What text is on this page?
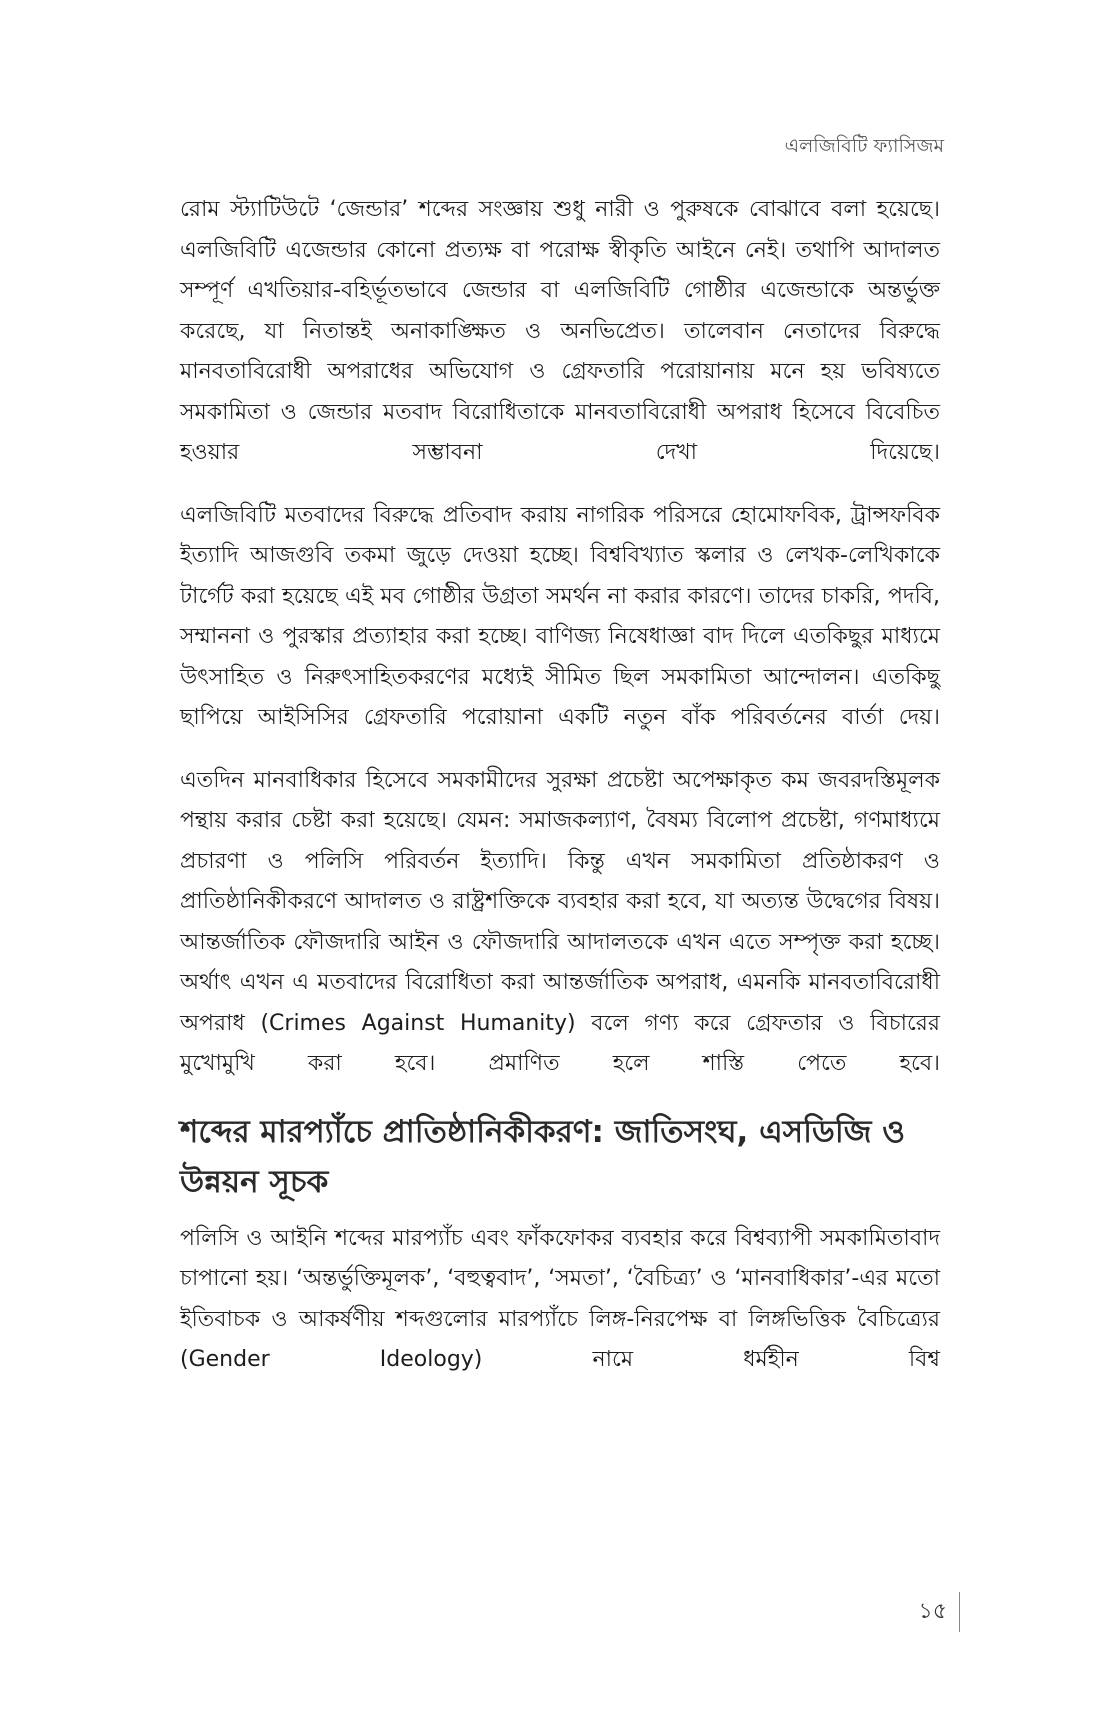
এলজিবিটি ফ্যাসিজম

রোম স্ট্যাটিউটে ‘জেন্ডার’ শব্দের সংজ্ঞায় শুধু নারী ও পুরুষকে বোঝাবে বলা হয়েছে। এলজিবিটি এজেন্ডার কোনো প্রত্যক্ষ বা পরোক্ষ স্বীকৃতি আইনে নেই। তথাপি আদালত সম্পূর্ণ এখতিয়ার-বহির্ভূতভাবে জেন্ডার বা এলজিবিটি গোষ্ঠীর এজেন্ডাকে অন্তর্ভুক্ত করেছে, যা নিতান্তই অনাকাঙ্ক্ষিত ও অনভিপ্রেত। তালেবান নেতাদের বিরুদ্ধে মানবতাবিরোধী অপরাধের অভিযোগ ও গ্রেফতারি পরোয়ানায় মনে হয় ভবিষ্যতে সমকামিতা ও জেন্ডার মতবাদ বিরোধিতাকে মানবতাবিরোধী অপরাধ হিসেবে বিবেচিত হওয়ার সম্ভাবনা দেখা দিয়েছে।

এলজিবিটি মতবাদের বিরুদ্ধে প্রতিবাদ করায় নাগরিক পরিসরে হোমোফবিক, ট্রান্সফবিক ইত্যাদি আজগুবি তকমা জুড়ে দেওয়া হচ্ছে। বিশ্ববিখ্যাত স্কলার ও লেখক-লেখিকাকে টার্গেট করা হয়েছে এই মব গোষ্ঠীর উগ্রতা সমর্থন না করার কারণে। তাদের চাকরি, পদবি, সম্মাননা ও পুরস্কার প্রত্যাহার করা হচ্ছে। বাণিজ্য নিষেধাজ্ঞা বাদ দিলে এতকিছুর মাধ্যমে উৎসাহিত ও নিরুৎসাহিতকরণের মধ্যেই সীমিত ছিল সমকামিতা আন্দোলন। এতকিছু ছাপিয়ে আইসিসির গ্রেফতারি পরোয়ানা একটি নতুন বাঁক পরিবর্তনের বার্তা দেয়।

এতদিন মানবাধিকার হিসেবে সমকামীদের সুরক্ষা প্রচেষ্টা অপেক্ষাকৃত কম জবরদস্তিমূলক পন্থায় করার চেষ্টা করা হয়েছে। যেমন: সমাজকল্যাণ, বৈষম্য বিলোপ প্রচেষ্টা, গণমাধ্যমে প্রচারণা ও পলিসি পরিবর্তন ইত্যাদি। কিন্তু এখন সমকামিতা প্রতিষ্ঠাকরণ ও প্রাতিষ্ঠানিকীকরণে আদালত ও রাষ্ট্রশক্তিকে ব্যবহার করা হবে, যা অত্যন্ত উদ্বেগের বিষয়। আন্তর্জাতিক ফৌজদারি আইন ও ফৌজদারি আদালতকে এখন এতে সম্পৃক্ত করা হচ্ছে। অর্থাৎ এখন এ মতবাদের বিরোধিতা করা আন্তর্জাতিক অপরাধ, এমনকি মানবতাবিরোধী অপরাধ (Crimes Against Humanity) বলে গণ্য করে গ্রেফতার ও বিচারের মুখোমুখি করা হবে। প্রমাণিত হলে শাস্তি পেতে হবে।

শব্দের মারপ্যাঁচে প্রাতিষ্ঠানিকীকরণ: জাতিসংঘ, এসডিজি ও উন্নয়ন সূচক

পলিসি ও আইনি শব্দের মারপ্যাঁচ এবং ফাঁকফোকর ব্যবহার করে বিশ্বব্যাপী সমকামিতাবাদ চাপানো হয়। ‘অন্তর্ভুক্তিমূলক’, ‘বহুত্ববাদ’, ‘সমতা’, ‘বৈচিত্র্য’ ও ‘মানবাধিকার’-এর মতো ইতিবাচক ও আকর্ষণীয় শব্দগুলোর মারপ্যাঁচে লিঙ্গ-নিরপেক্ষ বা লিঙ্গভিত্তিক বৈচিত্র্যের (Gender Ideology) নামে ধর্মহীন বিশ্ব

১৫
